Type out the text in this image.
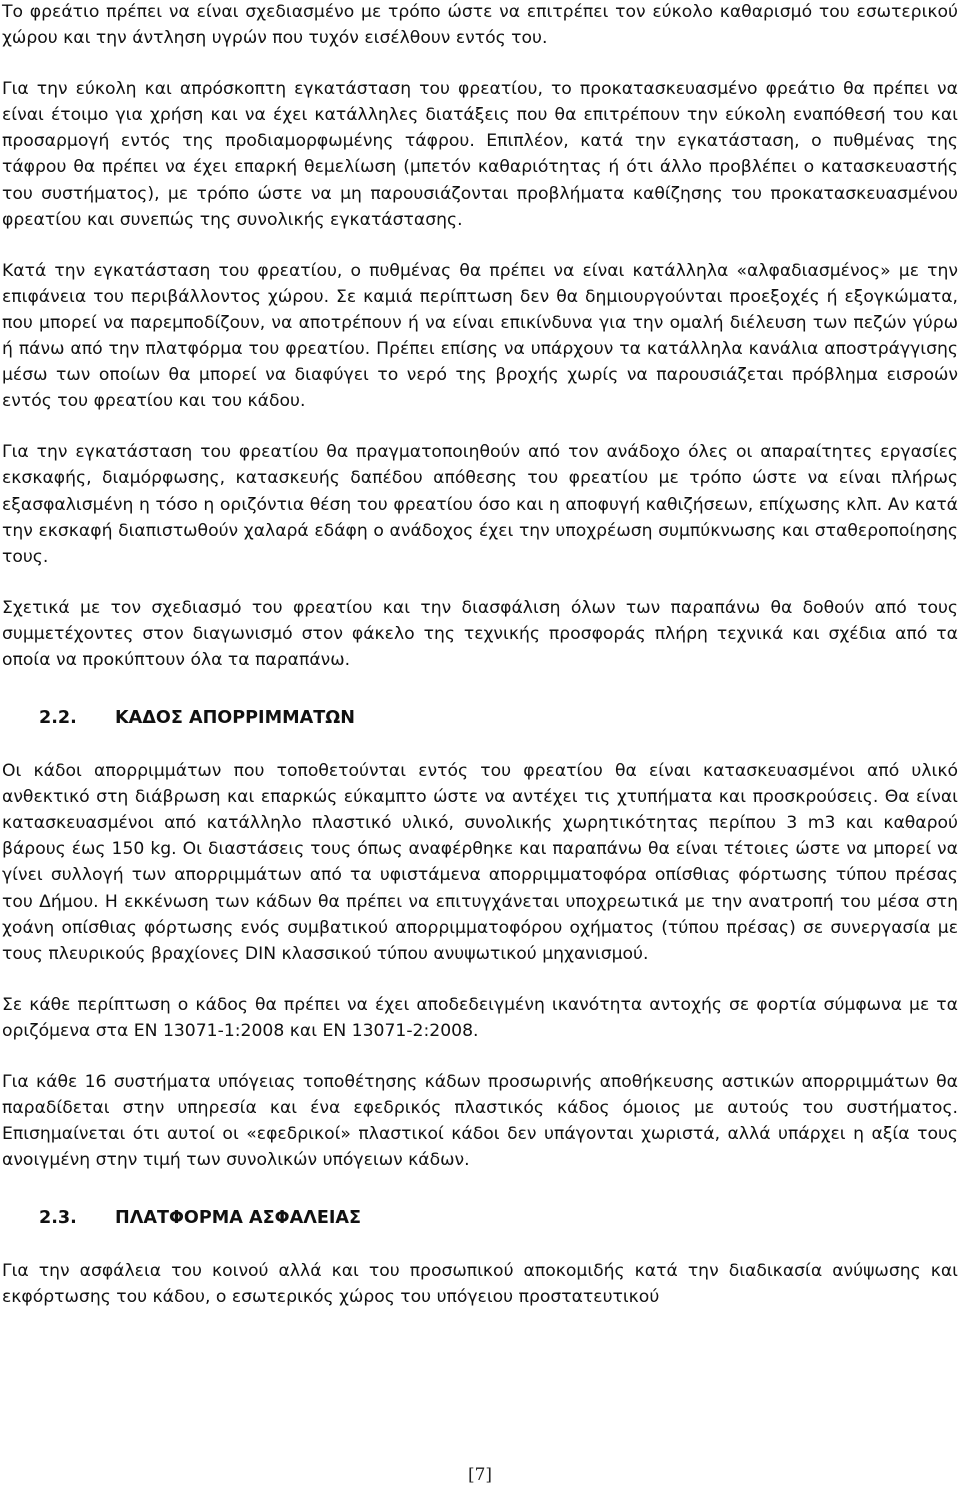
Το φρεάτιο πρέπει να είναι σχεδιασμένο με τρόπο ώστε να επιτρέπει τον εύκολο καθαρισμό του εσωτερικού χώρου και την άντληση υγρών που τυχόν εισέλθουν εντός του.

Για την εύκολη και απρόσκοπτη εγκατάσταση του φρεατίου, το προκατασκευασμένο φρεάτιο θα πρέπει να είναι έτοιμο για χρήση και να έχει κατάλληλες διατάξεις που θα επιτρέπουν την εύκολη εναπόθεσή του και προσαρμογή εντός της προδιαμορφωμένης τάφρου. Επιπλέον, κατά την εγκατάσταση, ο πυθμένας της τάφρου θα πρέπει να έχει επαρκή θεμελίωση (μπετόν καθαριότητας ή ότι άλλο προβλέπει ο κατασκευαστής του συστήματος), με τρόπο ώστε να μη παρουσιάζονται προβλήματα καθίζησης του προκατασκευασμένου φρεατίου και συνεπώς της συνολικής εγκατάστασης.

Κατά την εγκατάσταση του φρεατίου, ο πυθμένας θα πρέπει να είναι κατάλληλα «αλφαδιασμένος» με την επιφάνεια του περιβάλλοντος χώρου. Σε καμιά περίπτωση δεν θα δημιουργούνται προεξοχές ή εξογκώματα, που μπορεί να παρεμποδίζουν, να αποτρέπουν ή να είναι επικίνδυνα για την ομαλή διέλευση των πεζών γύρω ή πάνω από την πλατφόρμα του φρεατίου. Πρέπει επίσης να υπάρχουν τα κατάλληλα κανάλια αποστράγγισης μέσω των οποίων θα μπορεί να διαφύγει το νερό της βροχής χωρίς να παρουσιάζεται πρόβλημα εισροών εντός του φρεατίου και του κάδου.

Για την εγκατάσταση του φρεατίου θα πραγματοποιηθούν από τον ανάδοχο όλες οι απαραίτητες εργασίες εκσκαφής, διαμόρφωσης, κατασκευής δαπέδου απόθεσης του φρεατίου με τρόπο ώστε να είναι πλήρως εξασφαλισμένη η τόσο η οριζόντια θέση του φρεατίου όσο και η αποφυγή καθιζήσεων, επίχωσης κλπ. Αν κατά την εκσκαφή διαπιστωθούν χαλαρά εδάφη ο ανάδοχος έχει την υποχρέωση συμπύκνωσης και σταθεροποίησης τους.

Σχετικά με τον σχεδιασμό του φρεατίου και την διασφάλιση όλων των παραπάνω θα δοθούν από τους συμμετέχοντες στον διαγωνισμό στον φάκελο της τεχνικής προσφοράς πλήρη τεχνικά και σχέδια από τα οποία να προκύπτουν όλα τα παραπάνω.

2.2.	ΚΑΔΟΣ ΑΠΟΡΡΙΜΜΑΤΩΝ

Οι κάδοι απορριμμάτων που τοποθετούνται εντός του φρεατίου θα είναι κατασκευασμένοι από υλικό ανθεκτικό στη διάβρωση και επαρκώς εύκαμπτο ώστε να αντέχει τις χτυπήματα και προσκρούσεις. Θα είναι κατασκευασμένοι από κατάλληλο πλαστικό υλικό, συνολικής χωρητικότητας περίπου 3 m3 και καθαρού βάρους έως 150 kg. Οι διαστάσεις τους όπως αναφέρθηκε και παραπάνω θα είναι τέτοιες ώστε να μπορεί να γίνει συλλογή των απορριμμάτων από τα υφιστάμενα απορριμματοφόρα οπίσθιας φόρτωσης τύπου πρέσας του Δήμου. Η εκκένωση των κάδων θα πρέπει να επιτυγχάνεται υποχρεωτικά με την ανατροπή του μέσα στη χοάνη οπίσθιας φόρτωσης ενός συμβατικού απορριμματοφόρου οχήματος (τύπου πρέσας) σε συνεργασία με τους πλευρικούς βραχίονες DIN κλασσικού τύπου ανυψωτικού μηχανισμού.

Σε κάθε περίπτωση ο κάδος θα πρέπει να έχει αποδεδειγμένη ικανότητα αντοχής σε φορτία σύμφωνα με τα οριζόμενα στα EN 13071-1:2008 και EN 13071-2:2008.

Για κάθε 16 συστήματα υπόγειας τοποθέτησης κάδων προσωρινής αποθήκευσης αστικών απορριμμάτων θα παραδίδεται στην υπηρεσία και ένα εφεδρικός πλαστικός κάδος όμοιος με αυτούς του συστήματος. Επισημαίνεται ότι αυτοί οι «εφεδρικοί» πλαστικοί κάδοι δεν υπάγονται χωριστά, αλλά υπάρχει η αξία τους ανοιγμένη στην τιμή των συνολικών υπόγειων κάδων.

2.3.	ΠΛΑΤΦΟΡΜΑ ΑΣΦΑΛΕΙΑΣ

Για την ασφάλεια του κοινού αλλά και του προσωπικού αποκομιδής κατά την διαδικασία ανύψωσης και εκφόρτωσης του κάδου, ο εσωτερικός χώρος του υπόγειου προστατευτικού

[7]
